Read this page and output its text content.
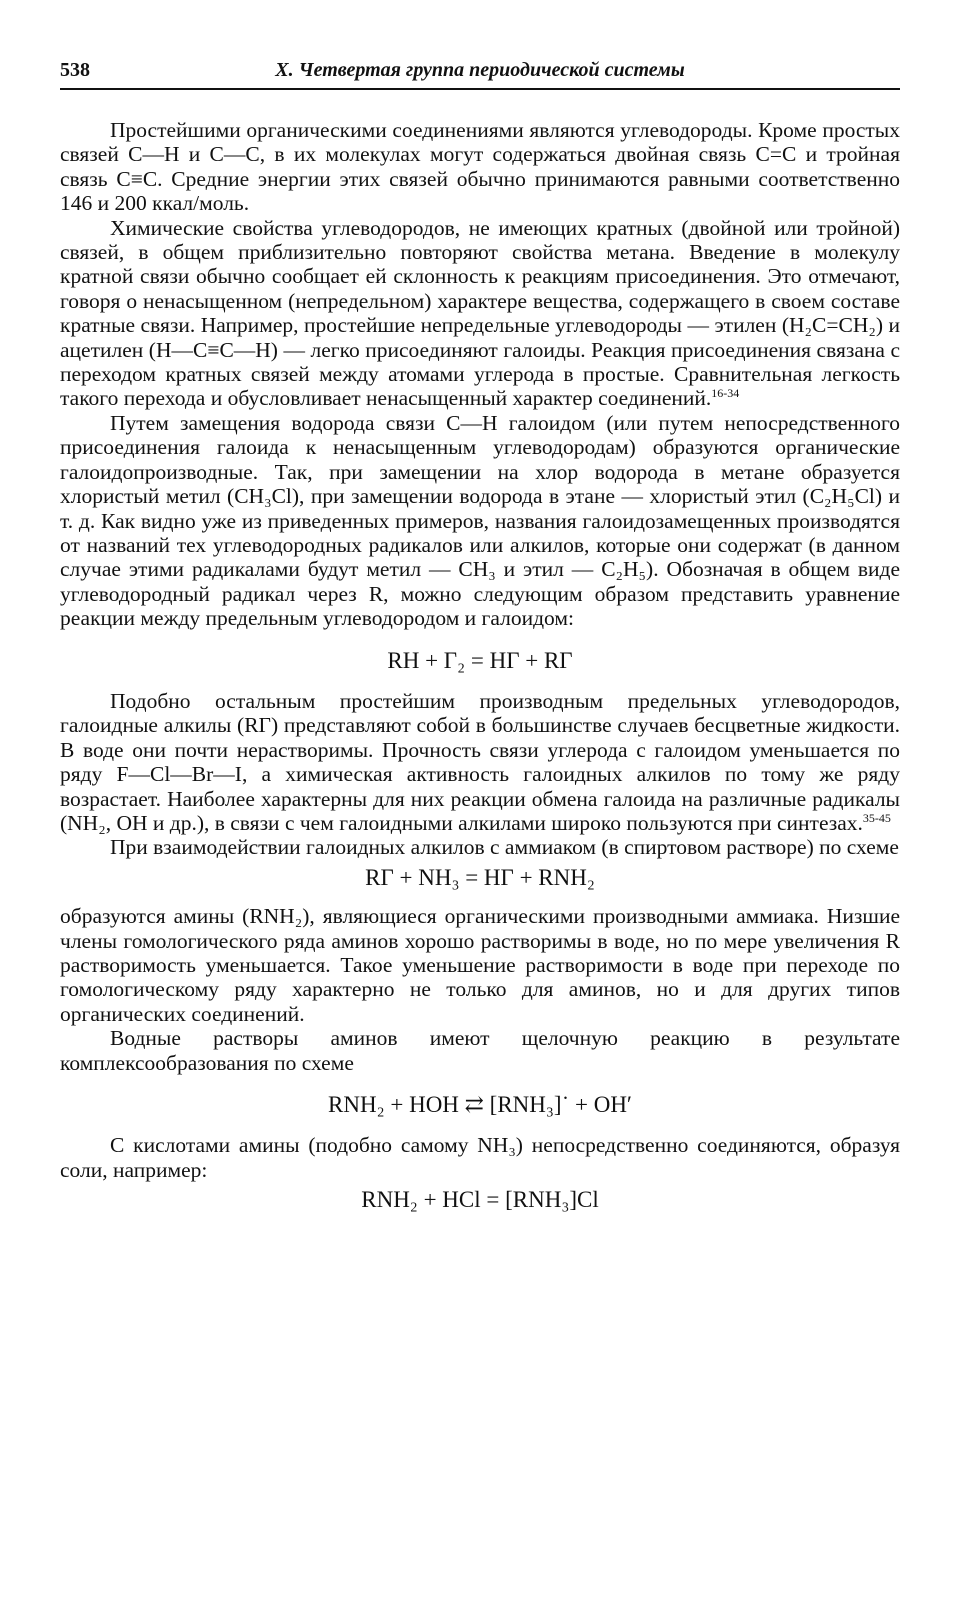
538	X. Четвертая группа периодической системы

Простейшими органическими соединениями являются углеводороды. Кроме простых связей C—H и C—C, в их молекулах могут содержаться двойная связь C=C и тройная связь C≡C. Средние энергии этих связей обычно принимаются равными соответственно 146 и 200 ккал/моль.

Химические свойства углеводородов, не имеющих кратных (двойной или тройной) связей, в общем приблизительно повторяют свойства метана. Введение в молекулу кратной связи обычно сообщает ей склонность к реакциям присоединения. Это отмечают, говоря о ненасыщенном (непредельном) характере вещества, содержащего в своем составе кратные связи. Например, простейшие непредельные углеводороды — этилен (H₂C=CH₂) и ацетилен (H—C≡C—H) — легко присоединяют галоиды. Реакция присоединения связана с переходом кратных связей между атомами углерода в простые. Сравнительная легкость такого перехода и обусловливает ненасыщенный характер соединений.$^{16-34}$

Путем замещения водорода связи C—H галоидом (или путем непосредственного присоединения галоида к ненасыщенным углеводородам) образуются органические галоидопроизводные. Так, при замещении на хлор водорода в метане образуется хлористый метил (CH₃Cl), при замещении водорода в этане — хлористый этил (C₂H₅Cl) и т. д. Как видно уже из приведенных примеров, названия галоидозамещенных производятся от названий тех углеводородных радикалов или алкилов, которые они содержат (в данном случае этими радикалами будут метил — CH₃ и этил — C₂H₅). Обозначая в общем виде углеводородный радикал через R, можно следующим образом представить уравнение реакции между предельным углеводородом и галоидом:

RH + Г₂ = HГ + RГ

Подобно остальным простейшим производным предельных углеводородов, галоидные алкилы (RГ) представляют собой в большинстве случаев бесцветные жидкости. В воде они почти нерастворимы. Прочность связи углерода с галоидом уменьшается по ряду F—Cl—Br—I, а химическая активность галоидных алкилов по тому же ряду возрастает. Наиболее характерны для них реакции обмена галоида на различные радикалы (NH₂, OH и др.), в связи с чем галоидными алкилами широко пользуются при синтезах.$^{35-45}$

При взаимодействии галоидных алкилов с аммиаком (в спиртовом растворе) по схеме

RГ + NH₃ = HГ + RNH₂

образуются амины (RNH₂), являющиеся органическими производными аммиака. Низшие члены гомологического ряда аминов хорошо растворимы в воде, но по мере увеличения R растворимость уменьшается. Такое уменьшение растворимости в воде при переходе по гомологическому ряду характерно не только для аминов, но и для других типов органических соединений.

Водные растворы аминов имеют щелочную реакцию в результате комплексообразования по схеме

RNH₂ + HOH ⇄ [RNH₃]˙ + OH′

С кислотами амины (подобно самому NH₃) непосредственно соединяются, образуя соли, например:

RNH₂ + HCl = [RNH₃]Cl
